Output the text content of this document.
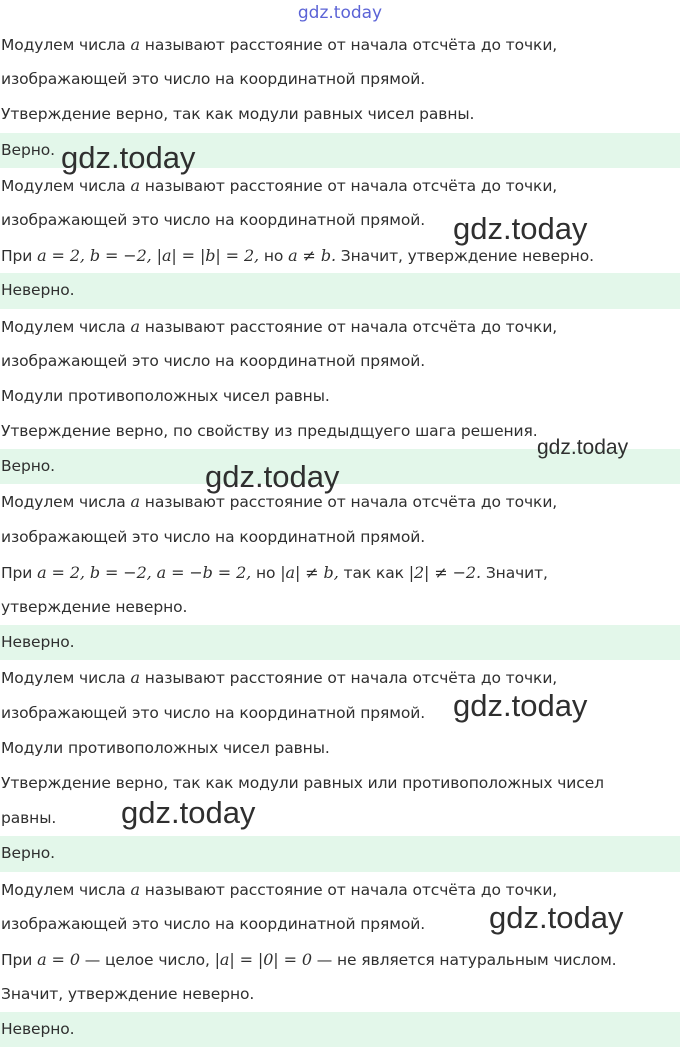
gdz.today
Модулем числа a называют расстояние от начала отсчёта до точки,
изображающей это число на координатной прямой.
Утверждение верно, так как модули равных чисел равны.
Верно.
Модулем числа a называют расстояние от начала отсчёта до точки,
изображающей это число на координатной прямой.
При a = 2, b = −2, |a| = |b| = 2, но a ≠ b. Значит, утверждение неверно.
Неверно.
Модулем числа a называют расстояние от начала отсчёта до точки,
изображающей это число на координатной прямой.
Модули противоположных чисел равны.
Утверждение верно, по свойству из предыдщуего шага решения.
Верно.
Модулем числа a называют расстояние от начала отсчёта до точки,
изображающей это число на координатной прямой.
При a = 2, b = −2, a = −b = 2, но |a| ≠ b, так как |2| ≠ −2. Значит,
утверждение неверно.
Неверно.
Модулем числа a называют расстояние от начала отсчёта до точки,
изображающей это число на координатной прямой.
Модули противоположных чисел равны.
Утверждение верно, так как модули равных или противоположных чисел
равны.
Верно.
Модулем числа a называют расстояние от начала отсчёта до точки,
изображающей это число на координатной прямой.
При a = 0 — целое число, |a| = |0| = 0 — не является натуральным числом.
Значит, утверждение неверно.
Неверно.
gdz.today
gdz.today
gdz.today
gdz.today
gdz.today
gdz.today
gdz.today
